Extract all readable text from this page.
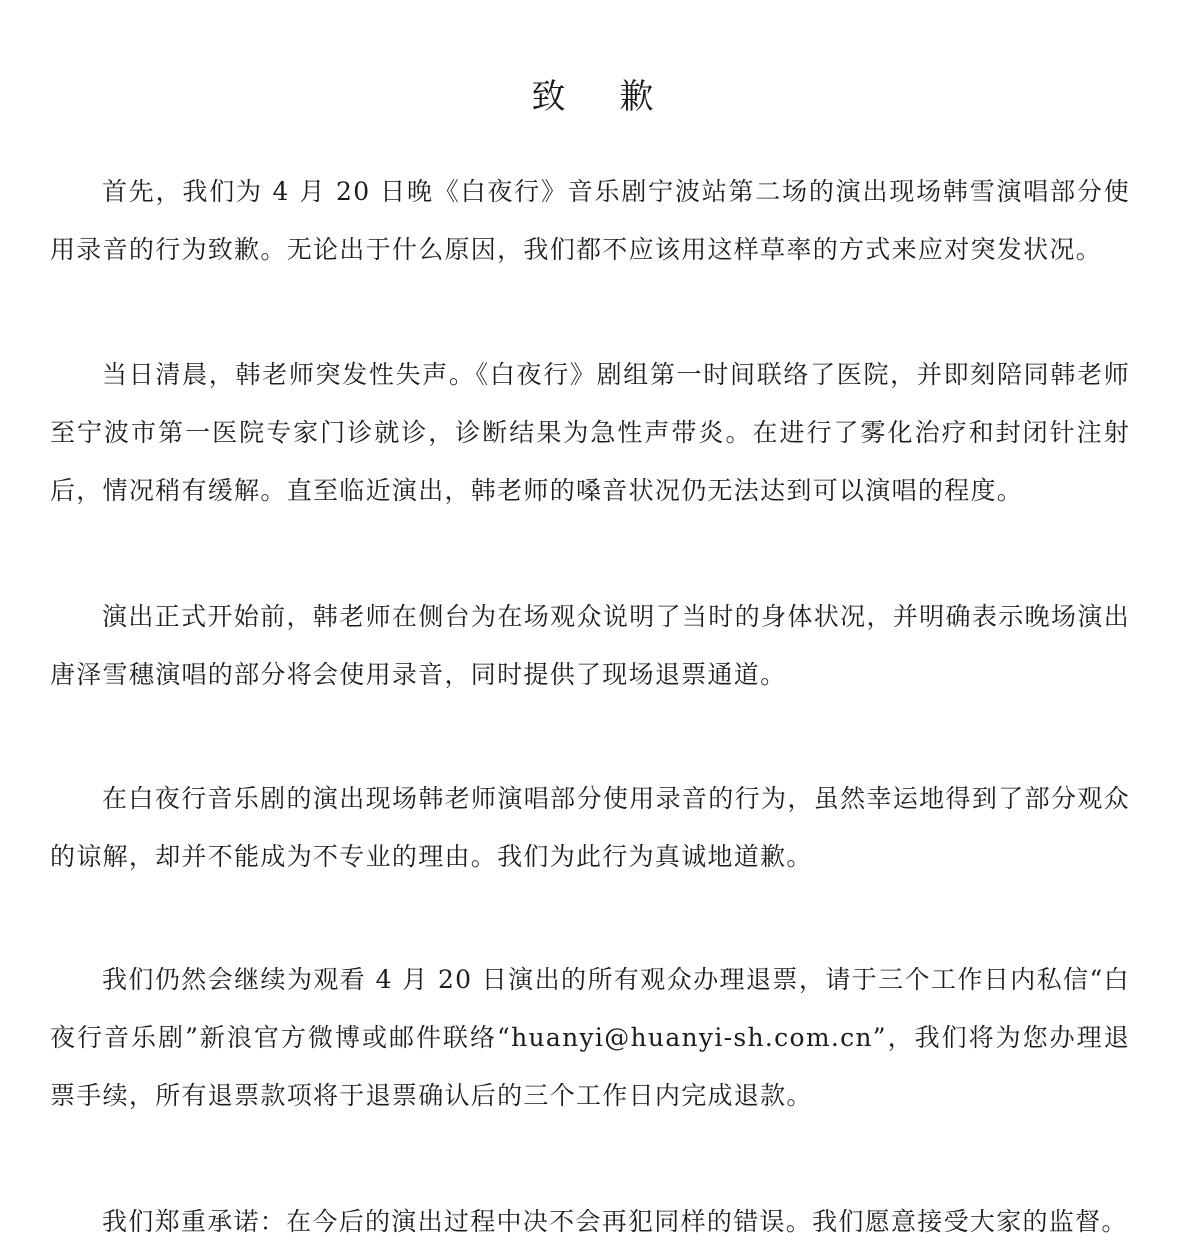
致歉

首先，我们为 4 月 20 日晚《白夜行》音乐剧宁波站第二场的演出现场韩雪演唱部分使用录音的行为致歉。无论出于什么原因，我们都不应该用这样草率的方式来应对突发状况。

当日清晨，韩老师突发性失声。《白夜行》剧组第一时间联络了医院，并即刻陪同韩老师至宁波市第一医院专家门诊就诊，诊断结果为急性声带炎。在进行了雾化治疗和封闭针注射后，情况稍有缓解。直至临近演出，韩老师的嗓音状况仍无法达到可以演唱的程度。

演出正式开始前，韩老师在侧台为在场观众说明了当时的身体状况，并明确表示晚场演出唐泽雪穗演唱的部分将会使用录音，同时提供了现场退票通道。

在白夜行音乐剧的演出现场韩老师演唱部分使用录音的行为，虽然幸运地得到了部分观众的谅解，却并不能成为不专业的理由。我们为此行为真诚地道歉。

我们仍然会继续为观看 4 月 20 日演出的所有观众办理退票，请于三个工作日内私信“白夜行音乐剧”新浪官方微博或邮件联络“huanyi@huanyi-sh.com.cn”，我们将为您办理退票手续，所有退票款项将于退票确认后的三个工作日内完成退款。

我们郑重承诺：在今后的演出过程中决不会再犯同样的错误。我们愿意接受大家的监督。
